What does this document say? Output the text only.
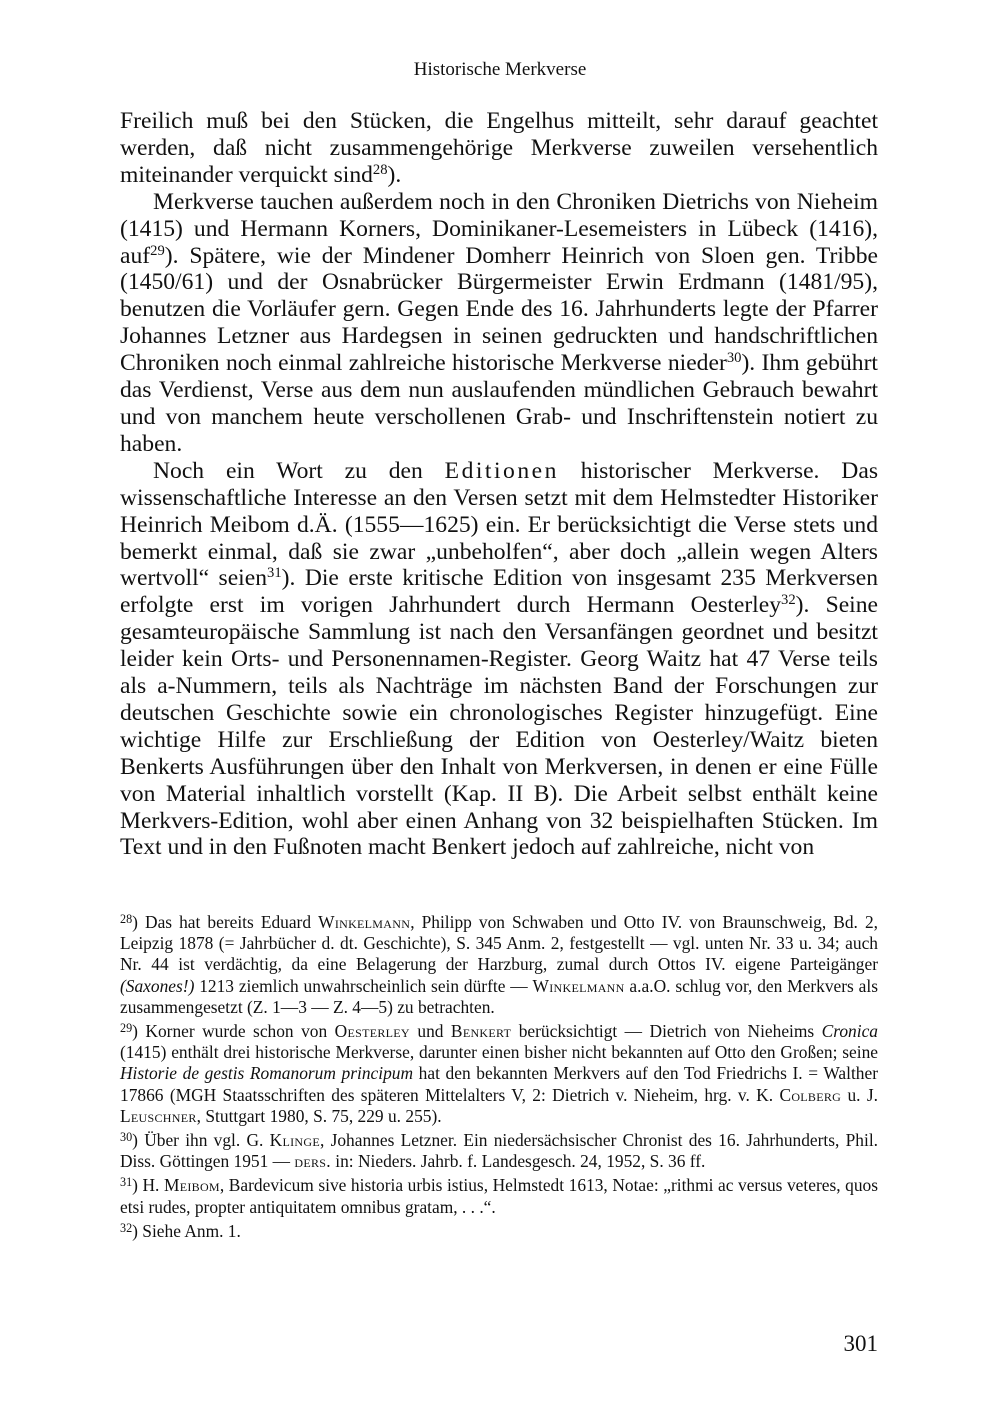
Historische Merkverse

Freilich muß bei den Stücken, die Engelhus mitteilt, sehr darauf geachtet werden, daß nicht zusammengehörige Merkverse zuweilen versehentlich miteinander verquickt sind$^{28}$).

Merkverse tauchen außerdem noch in den Chroniken Dietrichs von Nieheim (1415) und Hermann Korners, Dominikaner-Lesemeisters in Lübeck (1416), auf$^{29}$). Spätere, wie der Mindener Domherr Heinrich von Sloen gen. Tribbe (1450/61) und der Osnabrücker Bürgermeister Erwin Erdmann (1481/95), benutzen die Vorläufer gern. Gegen Ende des 16. Jahrhunderts legte der Pfarrer Johannes Letzner aus Hardegsen in seinen gedruckten und handschriftlichen Chroniken noch einmal zahlreiche historische Merkverse nieder$^{30}$). Ihm gebührt das Verdienst, Verse aus dem nun auslaufenden mündlichen Gebrauch bewahrt und von manchem heute verschollenen Grab- und Inschriftenstein notiert zu haben.

Noch ein Wort zu den Editionen historischer Merkverse. Das wissenschaftliche Interesse an den Versen setzt mit dem Helmstedter Historiker Heinrich Meibom d.Ä. (1555—1625) ein. Er berücksichtigt die Verse stets und bemerkt einmal, daß sie zwar „unbeholfen“, aber doch „allein wegen Alters wertvoll“ seien$^{31}$). Die erste kritische Edition von insgesamt 235 Merkversen erfolgte erst im vorigen Jahrhundert durch Hermann Oesterley$^{32}$). Seine gesamteuropäische Sammlung ist nach den Versanfängen geordnet und besitzt leider kein Orts- und Personennamen-Register. Georg Waitz hat 47 Verse teils als a-Nummern, teils als Nachträge im nächsten Band der Forschungen zur deutschen Geschichte sowie ein chronologisches Register hinzugefügt. Eine wichtige Hilfe zur Erschließung der Edition von Oesterley/Waitz bieten Benkerts Ausführungen über den Inhalt von Merkversen, in denen er eine Fülle von Material inhaltlich vorstellt (Kap. II B). Die Arbeit selbst enthält keine Merkvers-Edition, wohl aber einen Anhang von 32 beispielhaften Stücken. Im Text und in den Fußnoten macht Benkert jedoch auf zahlreiche, nicht von

$^{28}$) Das hat bereits Eduard Winkelmann, Philipp von Schwaben und Otto IV. von Braunschweig, Bd. 2, Leipzig 1878 (= Jahrbücher d. dt. Geschichte), S. 345 Anm. 2, festgestellt — vgl. unten Nr. 33 u. 34; auch Nr. 44 ist verdächtig, da eine Belagerung der Harzburg, zumal durch Ottos IV. eigene Parteigänger (Saxones!) 1213 ziemlich unwahrscheinlich sein dürfte — Winkelmann a.a.O. schlug vor, den Merkvers als zusammengesetzt (Z. 1—3 — Z. 4—5) zu betrachten.

$^{29}$) Korner wurde schon von Oesterley und Benkert berücksichtigt — Dietrich von Nieheims Cronica (1415) enthält drei historische Merkverse, darunter einen bisher nicht bekannten auf Otto den Großen; seine Historie de gestis Romanorum principum hat den bekannten Merkvers auf den Tod Friedrichs I. = Walther 17866 (MGH Staatsschriften des späteren Mittelalters V, 2: Dietrich v. Nieheim, hrg. v. K. Colberg u. J. Leuschner, Stuttgart 1980, S. 75, 229 u. 255).

$^{30}$) Über ihn vgl. G. Klinge, Johannes Letzner. Ein niedersächsischer Chronist des 16. Jahrhunderts, Phil. Diss. Göttingen 1951 — ders. in: Nieders. Jahrb. f. Landesgesch. 24, 1952, S. 36 ff.

$^{31}$) H. Meibom, Bardevicum sive historia urbis istius, Helmstedt 1613, Notae: „rithmi ac versus veteres, quos etsi rudes, propter antiquitatem omnibus gratam, . . .“.

$^{32}$) Siehe Anm. 1.

301
